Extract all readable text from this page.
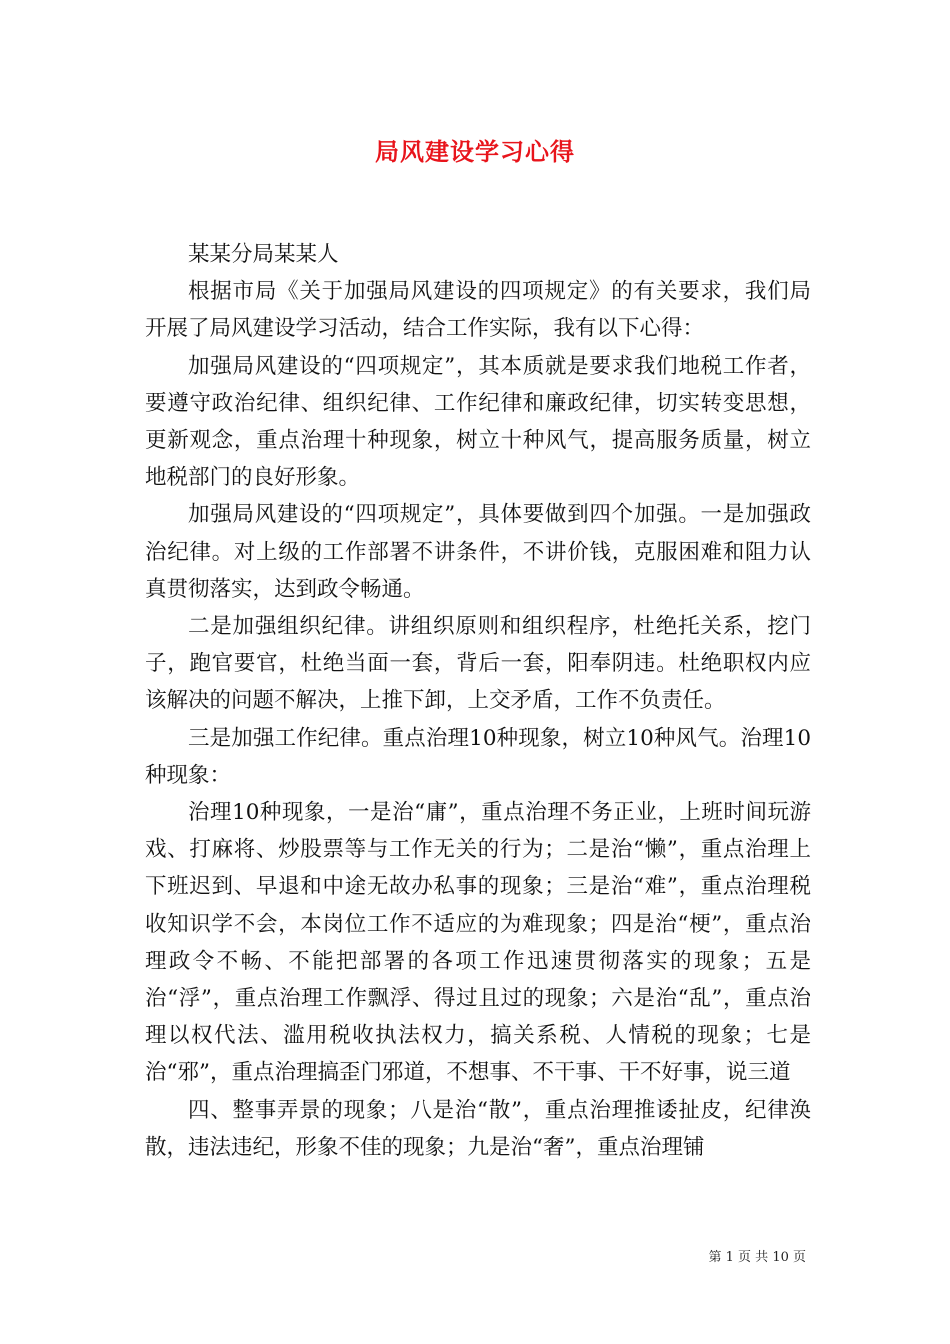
局风建设学习心得

某某分局某某人

根据市局《关于加强局风建设的四项规定》的有关要求，我们局开展了局风建设学习活动，结合工作实际，我有以下心得：

加强局风建设的“四项规定”，其本质就是要求我们地税工作者，要遵守政治纪律、组织纪律、工作纪律和廉政纪律，切实转变思想，更新观念，重点治理十种现象，树立十种风气，提高服务质量，树立地税部门的良好形象。

加强局风建设的“四项规定”，具体要做到四个加强。一是加强政治纪律。对上级的工作部署不讲条件，不讲价钱，克服困难和阻力认真贯彻落实，达到政令畅通。

二是加强组织纪律。讲组织原则和组织程序，杜绝托关系，挖门子，跑官要官，杜绝当面一套，背后一套，阳奉阴违。杜绝职权内应该解决的问题不解决，上推下卸，上交矛盾，工作不负责任。

三是加强工作纪律。重点治理10种现象，树立10种风气。治理10种现象：

治理10种现象，一是治“庸”，重点治理不务正业，上班时间玩游戏、打麻将、炒股票等与工作无关的行为；二是治“懒”，重点治理上下班迟到、早退和中途无故办私事的现象；三是治“难”，重点治理税收知识学不会，本岗位工作不适应的为难现象；四是治“梗”，重点治理政令不畅、不能把部署的各项工作迅速贯彻落实的现象；五是治“浮”，重点治理工作飘浮、得过且过的现象；六是治“乱”，重点治理以权代法、滥用税收执法权力，搞关系税、人情税的现象；七是治“邪”，重点治理搞歪门邪道，不想事、不干事、干不好事，说三道

四、整事弄景的现象；八是治“散”，重点治理推诿扯皮，纪律涣散，违法违纪，形象不佳的现象；九是治“奢”，重点治理铺

第 1 页 共 10 页
